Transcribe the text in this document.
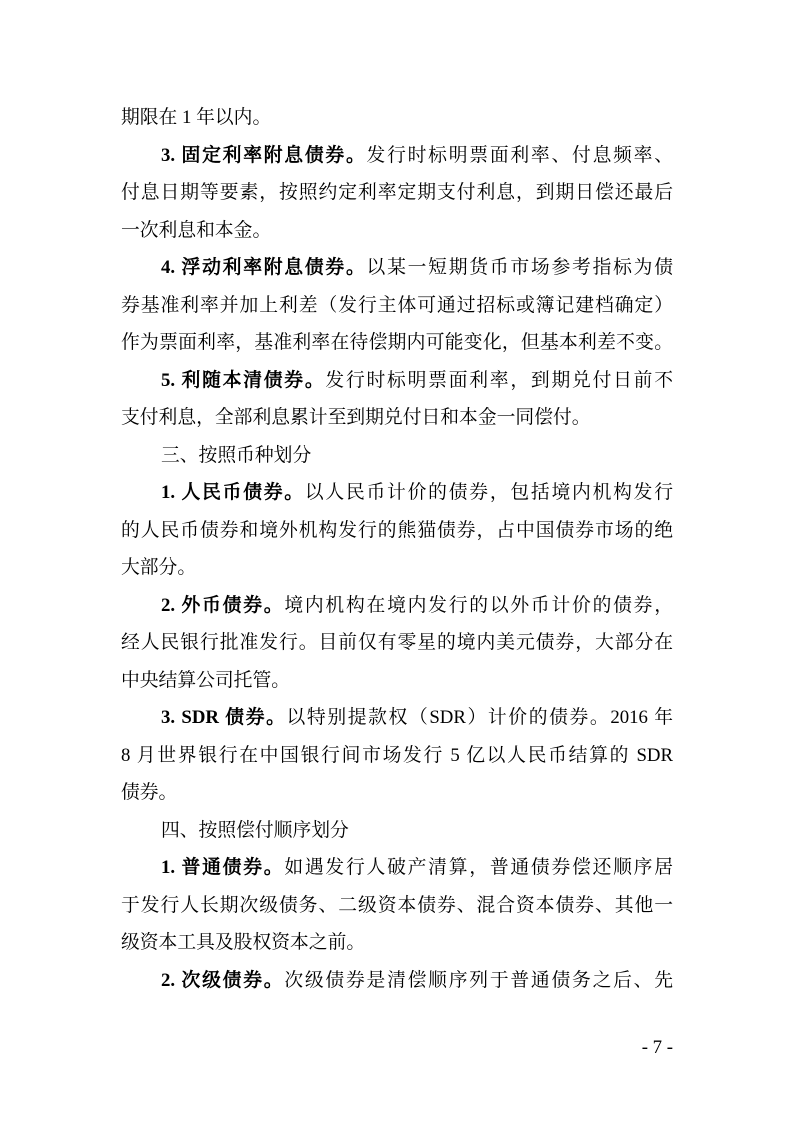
期限在 1 年以内。
3. 固定利率附息债券。发行时标明票面利率、付息频率、
付息日期等要素，按照约定利率定期支付利息，到期日偿还最后
一次利息和本金。
4. 浮动利率附息债券。以某一短期货币市场参考指标为债
券基准利率并加上利差（发行主体可通过招标或簿记建档确定）
作为票面利率，基准利率在待偿期内可能变化，但基本利差不变。
5. 利随本清债券。发行时标明票面利率，到期兑付日前不
支付利息，全部利息累计至到期兑付日和本金一同偿付。
三、按照币种划分
1. 人民币债券。以人民币计价的债券，包括境内机构发行
的人民币债券和境外机构发行的熊猫债券，占中国债券市场的绝
大部分。
2. 外币债券。境内机构在境内发行的以外币计价的债券，
经人民银行批准发行。目前仅有零星的境内美元债券，大部分在
中央结算公司托管。
3. SDR 债券。以特别提款权（SDR）计价的债券。2016 年
8 月世界银行在中国银行间市场发行 5 亿以人民币结算的 SDR
债券。
四、按照偿付顺序划分
1. 普通债券。如遇发行人破产清算，普通债券偿还顺序居
于发行人长期次级债务、二级资本债券、混合资本债券、其他一
级资本工具及股权资本之前。
2. 次级债券。次级债券是清偿顺序列于普通债务之后、先
- 7 -
